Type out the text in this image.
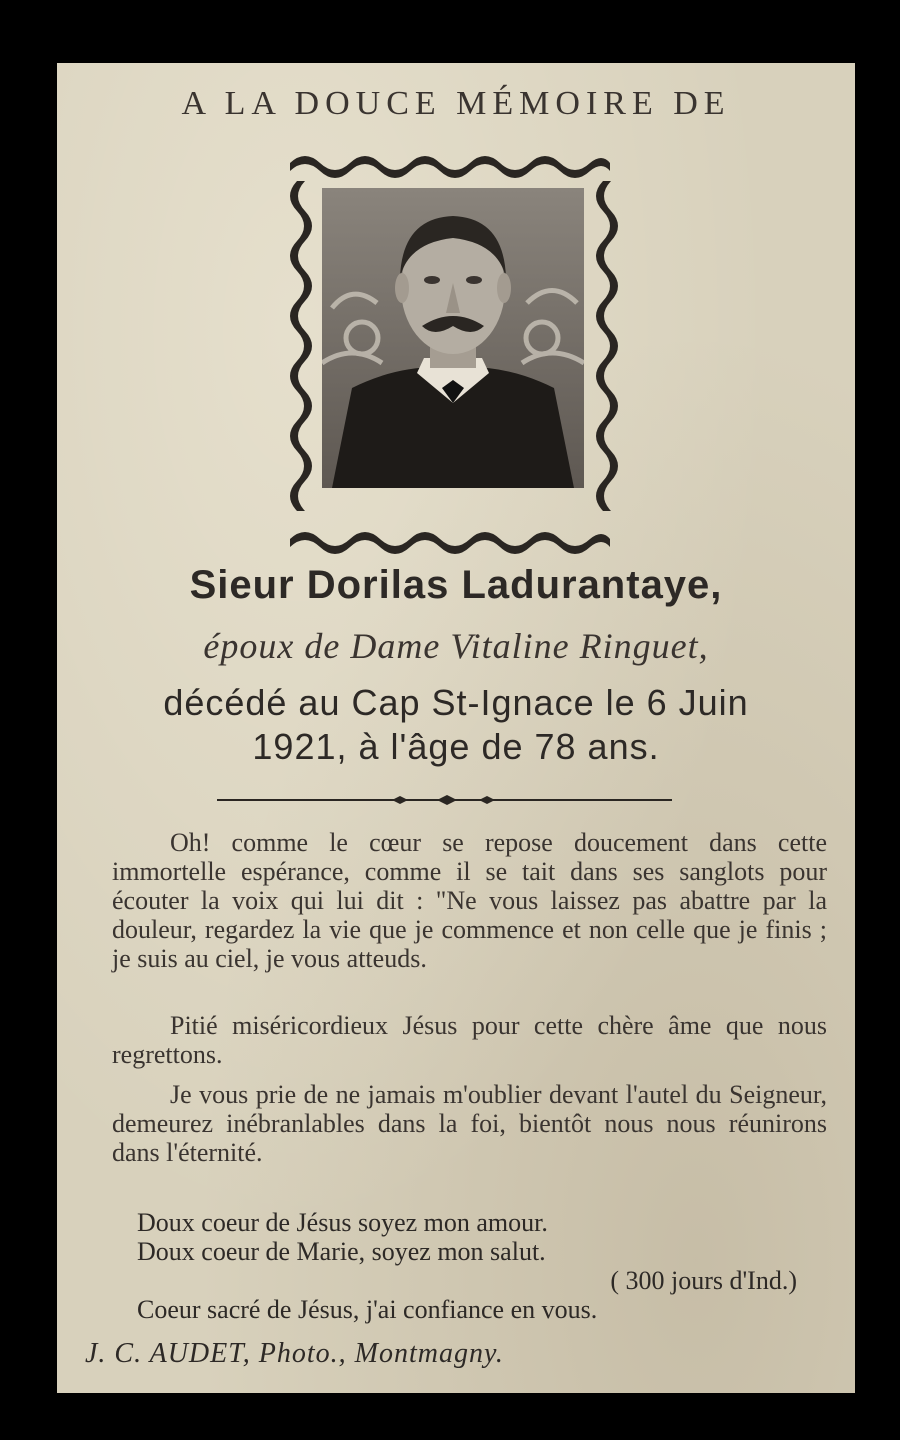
A LA DOUCE MÉMOIRE DE
Sieur Dorilas Ladurantaye,
époux de Dame Vitaline Ringuet,
décédé au Cap St-Ignace le 6 Juin
1921, à l'âge de 78 ans.
Oh! comme le cœur se repose doucement dans cette immortelle espérance, comme il se tait dans ses sanglots pour écouter la voix qui lui dit : "Ne vous laissez pas abattre par la douleur, regardez la vie que je commence et non celle que je finis ; je suis au ciel, je vous atteuds.
Pitié miséricordieux Jésus pour cette chère âme que nous regrettons.
Je vous prie de ne jamais m'oublier devant l'autel du Seigneur, demeurez inébranlables dans la foi, bientôt nous nous réunirons dans l'éternité.
Doux coeur de Jésus soyez mon amour.
Doux coeur de Marie, soyez mon salut.
( 300 jours d'Ind.)
Coeur sacré de Jésus, j'ai confiance en vous.
J. C. AUDET, Photo., Montmagny.
